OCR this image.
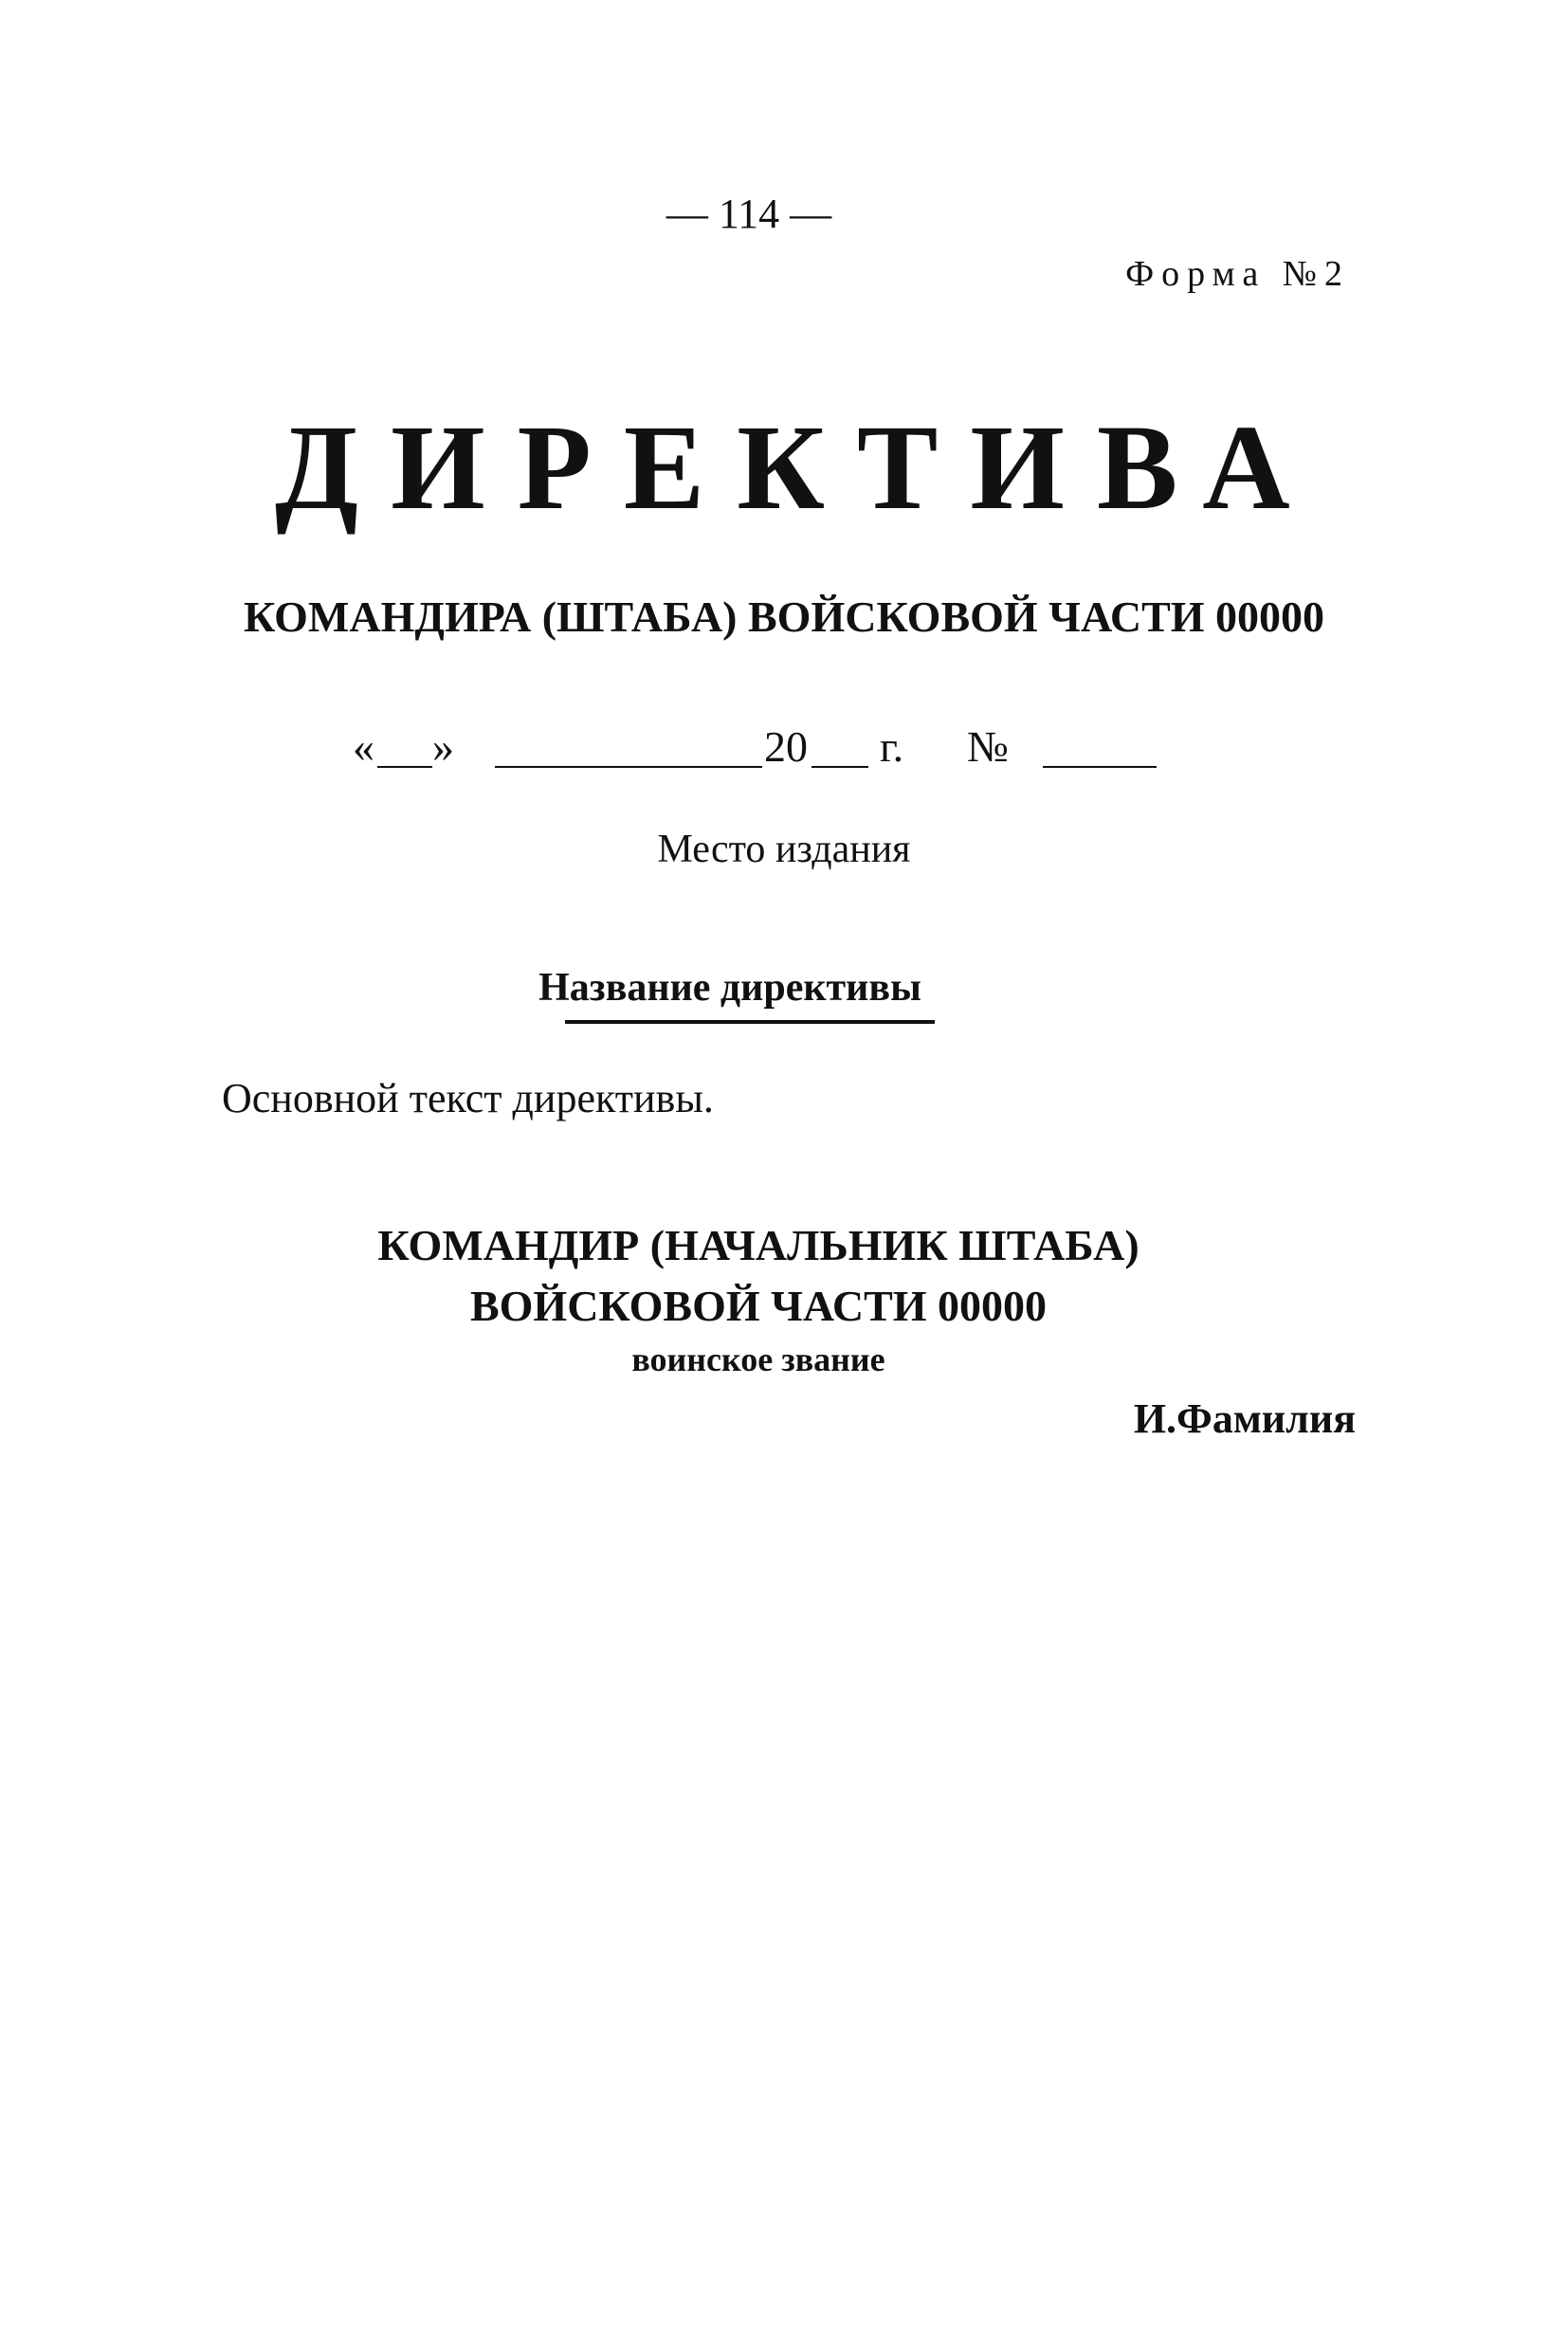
— 114 —
Форма №2
ДИРЕКТИВА
КОМАНДИРА (ШТАБА) ВОЙСКОВОЙ ЧАСТИ 00000
« »	20 г. №
Место издания
Название директивы
Основной текст директивы.
КОМАНДИР (НАЧАЛЬНИК ШТАБА)
ВОЙСКОВОЙ ЧАСТИ 00000
воинское звание
И.Фамилия
